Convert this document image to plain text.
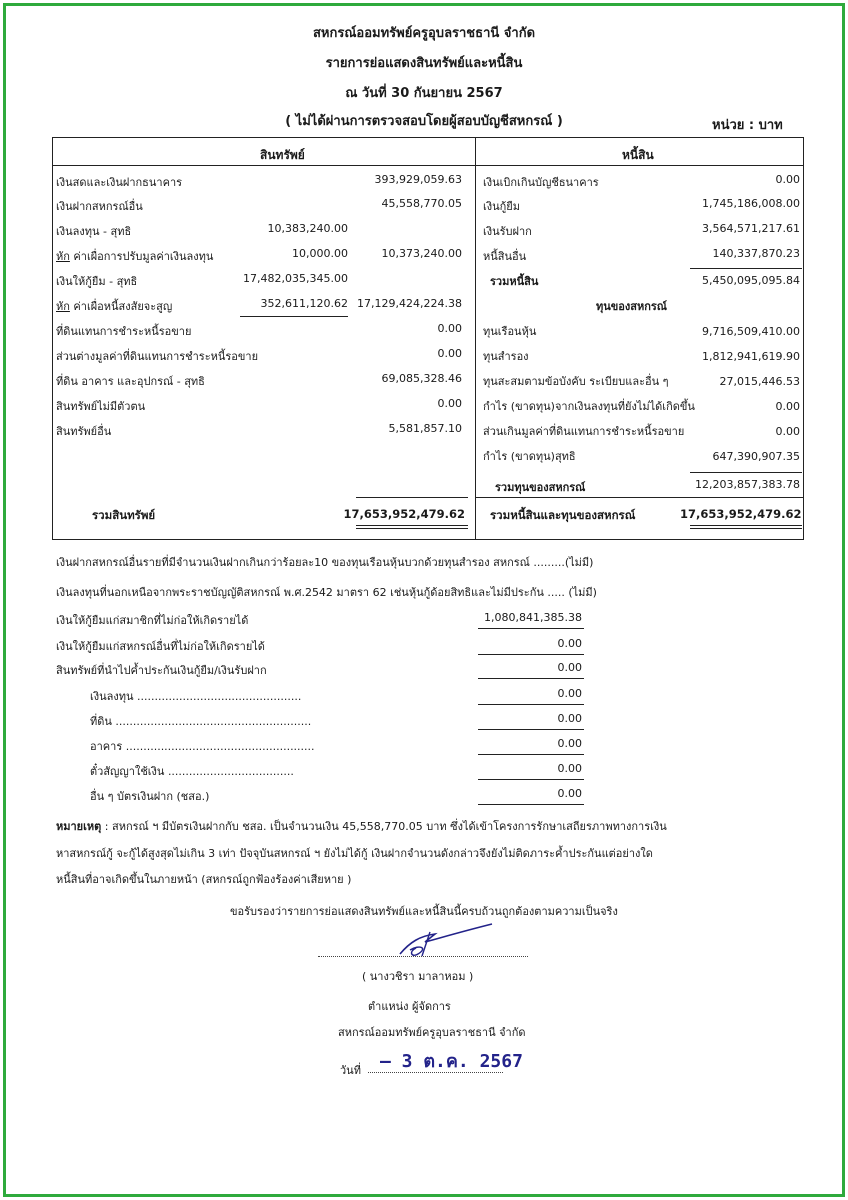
สหกรณ์ออมทรัพย์ครูอุบลราชธานี จำกัด
รายการย่อแสดงสินทรัพย์และหนี้สิน
ณ วันที่ 30 กันยายน 2567
( ไม่ได้ผ่านการตรวจสอบโดยผู้สอบบัญชีสหกรณ์ )	หน่วย : บาท
สินทรัพย์	หนี้สิน
เงินสดและเงินฝากธนาคาร	393,929,059.63
เงินฝากสหกรณ์อื่น	45,558,770.05
เงินลงทุน - สุทธิ	10,383,240.00
หัก ค่าเผื่อการปรับมูลค่าเงินลงทุน	10,000.00	10,373,240.00
เงินให้กู้ยืม - สุทธิ	17,482,035,345.00
หัก ค่าเผื่อหนี้สงสัยจะสูญ	352,611,120.62 17,129,424,224.38
ที่ดินแทนการชำระหนี้รอขาย	0.00
ส่วนต่างมูลค่าที่ดินแทนการชำระหนี้รอขาย	0.00
ที่ดิน อาคาร และอุปกรณ์ - สุทธิ	69,085,328.46
สินทรัพย์ไม่มีตัวตน	0.00
สินทรัพย์อื่น	5,581,857.10
เงินเบิกเกินบัญชีธนาคาร	0.00
เงินกู้ยืม	1,745,186,008.00
เงินรับฝาก	3,564,571,217.61
หนี้สินอื่น	140,337,870.23
รวมหนี้สิน	5,450,095,095.84
ทุนของสหกรณ์
ทุนเรือนหุ้น	9,716,509,410.00
ทุนสำรอง	1,812,941,619.90
ทุนสะสมตามข้อบังคับ ระเบียบและอื่น ๆ	27,015,446.53
กำไร (ขาดทุน)จากเงินลงทุนที่ยังไม่ได้เกิดขึ้น	0.00
ส่วนเกินมูลค่าที่ดินแทนการชำระหนี้รอขาย	0.00
กำไร (ขาดทุน)สุทธิ	647,390,907.35
รวมทุนของสหกรณ์	12,203,857,383.78
รวมสินทรัพย์	17,653,952,479.62 รวมหนี้สินและทุนของสหกรณ์	17,653,952,479.62
เงินฝากสหกรณ์อื่นรายที่มีจำนวนเงินฝากเกินกว่าร้อยละ10 ของทุนเรือนหุ้นบวกด้วยทุนสำรอง สหกรณ์ .........(ไม่มี)
เงินลงทุนที่นอกเหนือจากพระราชบัญญัติสหกรณ์ พ.ศ.2542 มาตรา 62 เช่นหุ้นกู้ด้อยสิทธิและไม่มีประกัน ..... (ไม่มี)
เงินให้กู้ยืมแก่สมาชิกที่ไม่ก่อให้เกิดรายได้	1,080,841,385.38
เงินให้กู้ยืมแก่สหกรณ์อื่นที่ไม่ก่อให้เกิดรายได้	0.00
สินทรัพย์ที่นำไปค้ำประกันเงินกู้ยืม/เงินรับฝาก	0.00
เงินลงทุน ...............................................	0.00
ที่ดิน ........................................................	0.00
อาคาร ......................................................	0.00
ตั๋วสัญญาใช้เงิน ....................................	0.00
อื่น ๆ บัตรเงินฝาก (ชสอ.)	0.00
หมายเหตุ : สหกรณ์ ฯ มีบัตรเงินฝากกับ ชสอ. เป็นจำนวนเงิน 45,558,770.05 บาท ซึ่งได้เข้าโครงการรักษาเสถียรภาพทางการเงิน
หาสหกรณ์กู้ จะกู้ได้สูงสุดไม่เกิน 3 เท่า ปัจจุบันสหกรณ์ ฯ ยังไม่ได้กู้ เงินฝากจำนวนดังกล่าวจึงยังไม่ติดภาระค้ำประกันแต่อย่างใด
หนี้สินที่อาจเกิดขึ้นในภายหน้า (สหกรณ์ถูกฟ้องร้องค่าเสียหาย )
ขอรับรองว่ารายการย่อแสดงสินทรัพย์และหนี้สินนี้ครบถ้วนถูกต้องตามความเป็นจริง
( นางวชิรา มาลาหอม )
ตำแหน่ง ผู้จัดการ
สหกรณ์ออมทรัพย์ครูอุบลราชธานี จำกัด
วันที่ – 3 ต.ค. 2567
